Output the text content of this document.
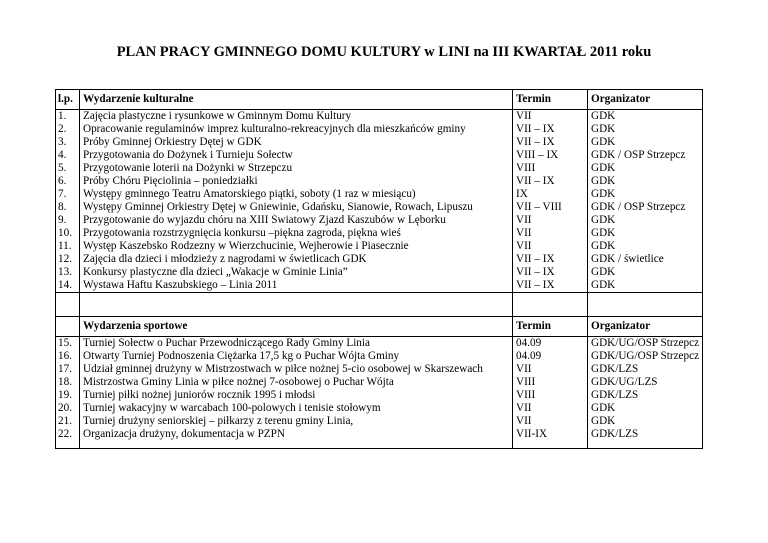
PLAN PRACY GMINNEGO DOMU KULTURY w LINI na III KWARTAŁ 2011 roku
l.p.	Wydarzenie kulturalne	Termin	Organizator
1.	Zajęcia plastyczne i rysunkowe w Gminnym Domu Kultury	VII	GDK
2.	Opracowanie regulaminów imprez kulturalno-rekreacyjnych dla mieszkańców gminy	VII – IX	GDK
3.	Próby Gminnej Orkiestry Dętej w GDK	VII – IX	GDK
4.	Przygotowania do Dożynek i Turnieju Sołectw	VIII – IX	GDK / OSP Strzepcz
5.	Przygotowanie loterii na Dożynki w Strzepczu	VIII	GDK
6.	Próby Chóru Pięciolinia – poniedziałki	VII – IX	GDK
7.	Występy gminnego Teatru Amatorskiego piątki, soboty (1 raz w miesiącu)	IX	GDK
8.	Występy Gminnej Orkiestry Dętej w Gniewinie, Gdańsku, Sianowie, Rowach, Lipuszu	VII – VIII	GDK / OSP Strzepcz
9.	Przygotowanie do wyjazdu chóru na XIII Światowy Zjazd Kaszubów w Lęborku	VII	GDK
10.	Przygotowania rozstrzygnięcia konkursu –piękna zagroda, piękna wieś	VII	GDK
11.	Występ Kaszebsko Rodzezny w Wierzchucinie, Wejherowie i Piasecznie	VII	GDK
12.	Zajęcia dla dzieci i młodzieży z nagrodami w świetlicach GDK	VII – IX	GDK / świetlice
13.	Konkursy plastyczne dla dzieci „Wakacje w Gminie Linia”	VII – IX	GDK
14.	Wystawa Haftu Kaszubskiego – Linia 2011	VII – IX	GDK

	Wydarzenia sportowe	Termin	Organizator
15.	Turniej Sołectw o Puchar Przewodniczącego Rady Gminy Linia	04.09	GDK/UG/OSP Strzepcz
16.	Otwarty Turniej Podnoszenia Ciężarka 17,5 kg o Puchar Wójta Gminy	04.09	GDK/UG/OSP Strzepcz
17.	Udział gminnej drużyny w Mistrzostwach w piłce nożnej 5-cio osobowej w Skarszewach	VII	GDK/LZS
18.	Mistrzostwa Gminy Linia w piłce nożnej 7-osobowej o Puchar Wójta	VIII	GDK/UG/LZS
19.	Turniej piłki nożnej juniorów rocznik 1995 i młodsi	VIII	GDK/LZS
20.	Turniej wakacyjny w warcabach 100-polowych i tenisie stołowym	VII	GDK
21.	Turniej drużyny seniorskiej – piłkarzy z terenu gminy Linia,	VII	GDK
22.	Organizacja drużyny, dokumentacja w PZPN	VII-IX	GDK/LZS
